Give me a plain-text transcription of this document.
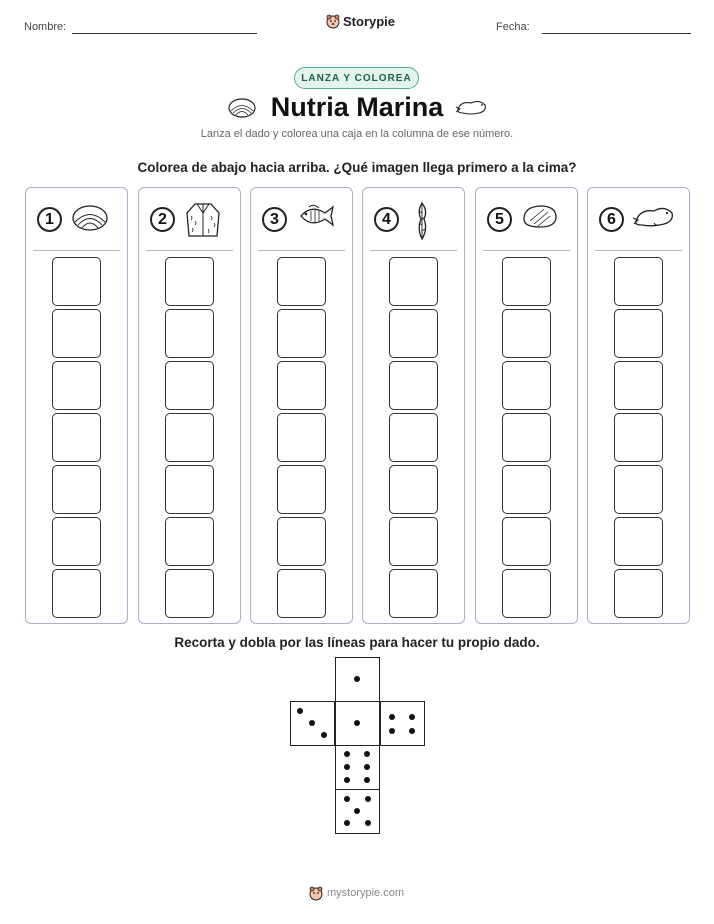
Nombre:	Fecha:
Storypie
LANZA Y COLOREA
Nutria Marina
Lanza el dado y colorea una caja en la columna de ese número.
Colorea de abajo hacia arriba. ¿Qué imagen llega primero a la cima?
1	2	3	4	5	6
Recorta y dobla por las líneas para hacer tu propio dado.
mystorypie.com
